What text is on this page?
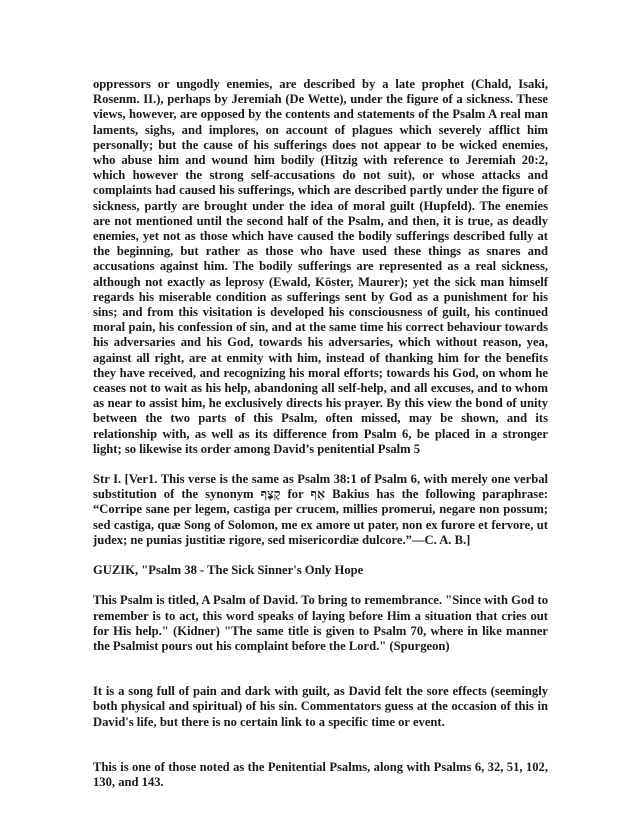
oppressors or ungodly enemies, are described by a late prophet (Chald, Isaki, Rosenm. II.), perhaps by Jeremiah (De Wette), under the figure of a sickness. These views, however, are opposed by the contents and statements of the Psalm A real man laments, sighs, and implores, on account of plagues which severely afflict him personally; but the cause of his sufferings does not appear to be wicked enemies, who abuse him and wound him bodily (Hitzig with reference to Jeremiah 20:2, which however the strong self-accusations do not suit), or whose attacks and complaints had caused his sufferings, which are described partly under the figure of sickness, partly are brought under the idea of moral guilt (Hupfeld). The enemies are not mentioned until the second half of the Psalm, and then, it is true, as deadly enemies, yet not as those which have caused the bodily sufferings described fully at the beginning, but rather as those who have used these things as snares and accusations against him. The bodily sufferings are represented as a real sickness, although not exactly as leprosy (Ewald, Köster, Maurer); yet the sick man himself regards his miserable condition as sufferings sent by God as a punishment for his sins; and from this visitation is developed his consciousness of guilt, his continued moral pain, his confession of sin, and at the same time his correct behaviour towards his adversaries and his God, towards his adversaries, which without reason, yea, against all right, are at enmity with him, instead of thanking him for the benefits they have received, and recognizing his moral efforts; towards his God, on whom he ceases not to wait as his help, abandoning all self-help, and all excuses, and to whom as near to assist him, he exclusively directs his prayer. By this view the bond of unity between the two parts of this Psalm, often missed, may be shown, and its relationship with, as well as its difference from Psalm 6, be placed in a stronger light; so likewise its order among David’s penitential Psalm 5

Str I. [Ver1. This verse is the same as Psalm 38:1 of Psalm 6, with merely one verbal substitution of the synonym קֶצֶף for אַף Bakius has the following paraphrase: “Corripe sane per legem, castiga per crucem, millies promerui, negare non possum; sed castiga, quæ Song of Solomon, me ex amore ut pater, non ex furore et fervore, ut judex; ne punias justitiæ rigore, sed misericordiæ dulcore.”—C. A. B.]

GUZIK, "Psalm 38 - The Sick Sinner's Only Hope

This Psalm is titled, A Psalm of David. To bring to remembrance. "Since with God to remember is to act, this word speaks of laying before Him a situation that cries out for His help." (Kidner) "The same title is given to Psalm 70, where in like manner the Psalmist pours out his complaint before the Lord." (Spurgeon)

It is a song full of pain and dark with guilt, as David felt the sore effects (seemingly both physical and spiritual) of his sin. Commentators guess at the occasion of this in David's life, but there is no certain link to a specific time or event.

This is one of those noted as the Penitential Psalms, along with Psalms 6, 32, 51, 102, 130, and 143.
